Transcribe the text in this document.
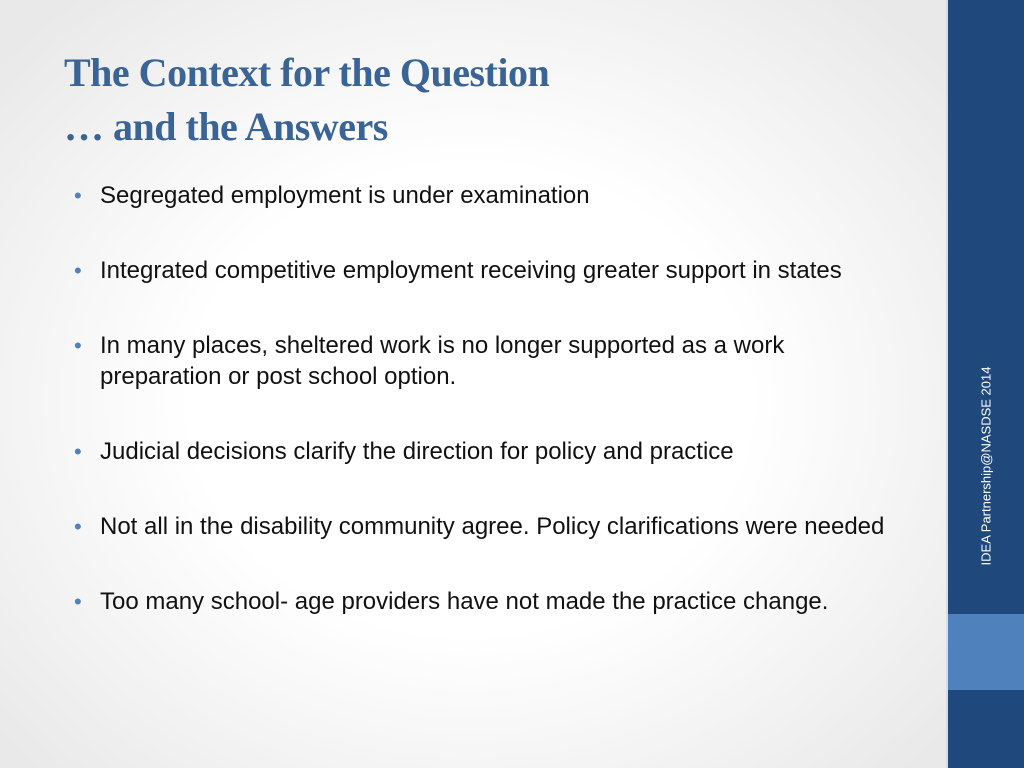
The Context for the Question
… and the Answers
• Segregated employment is under examination
• Integrated competitive employment receiving greater support in states
• In many places, sheltered work is no longer supported as a work preparation or post school option.
• Judicial decisions clarify the direction for policy and practice
• Not all in the disability community agree. Policy clarifications were needed
• Too many school- age providers have not made the practice change.
IDEA Partnership@NASDSE 2014
